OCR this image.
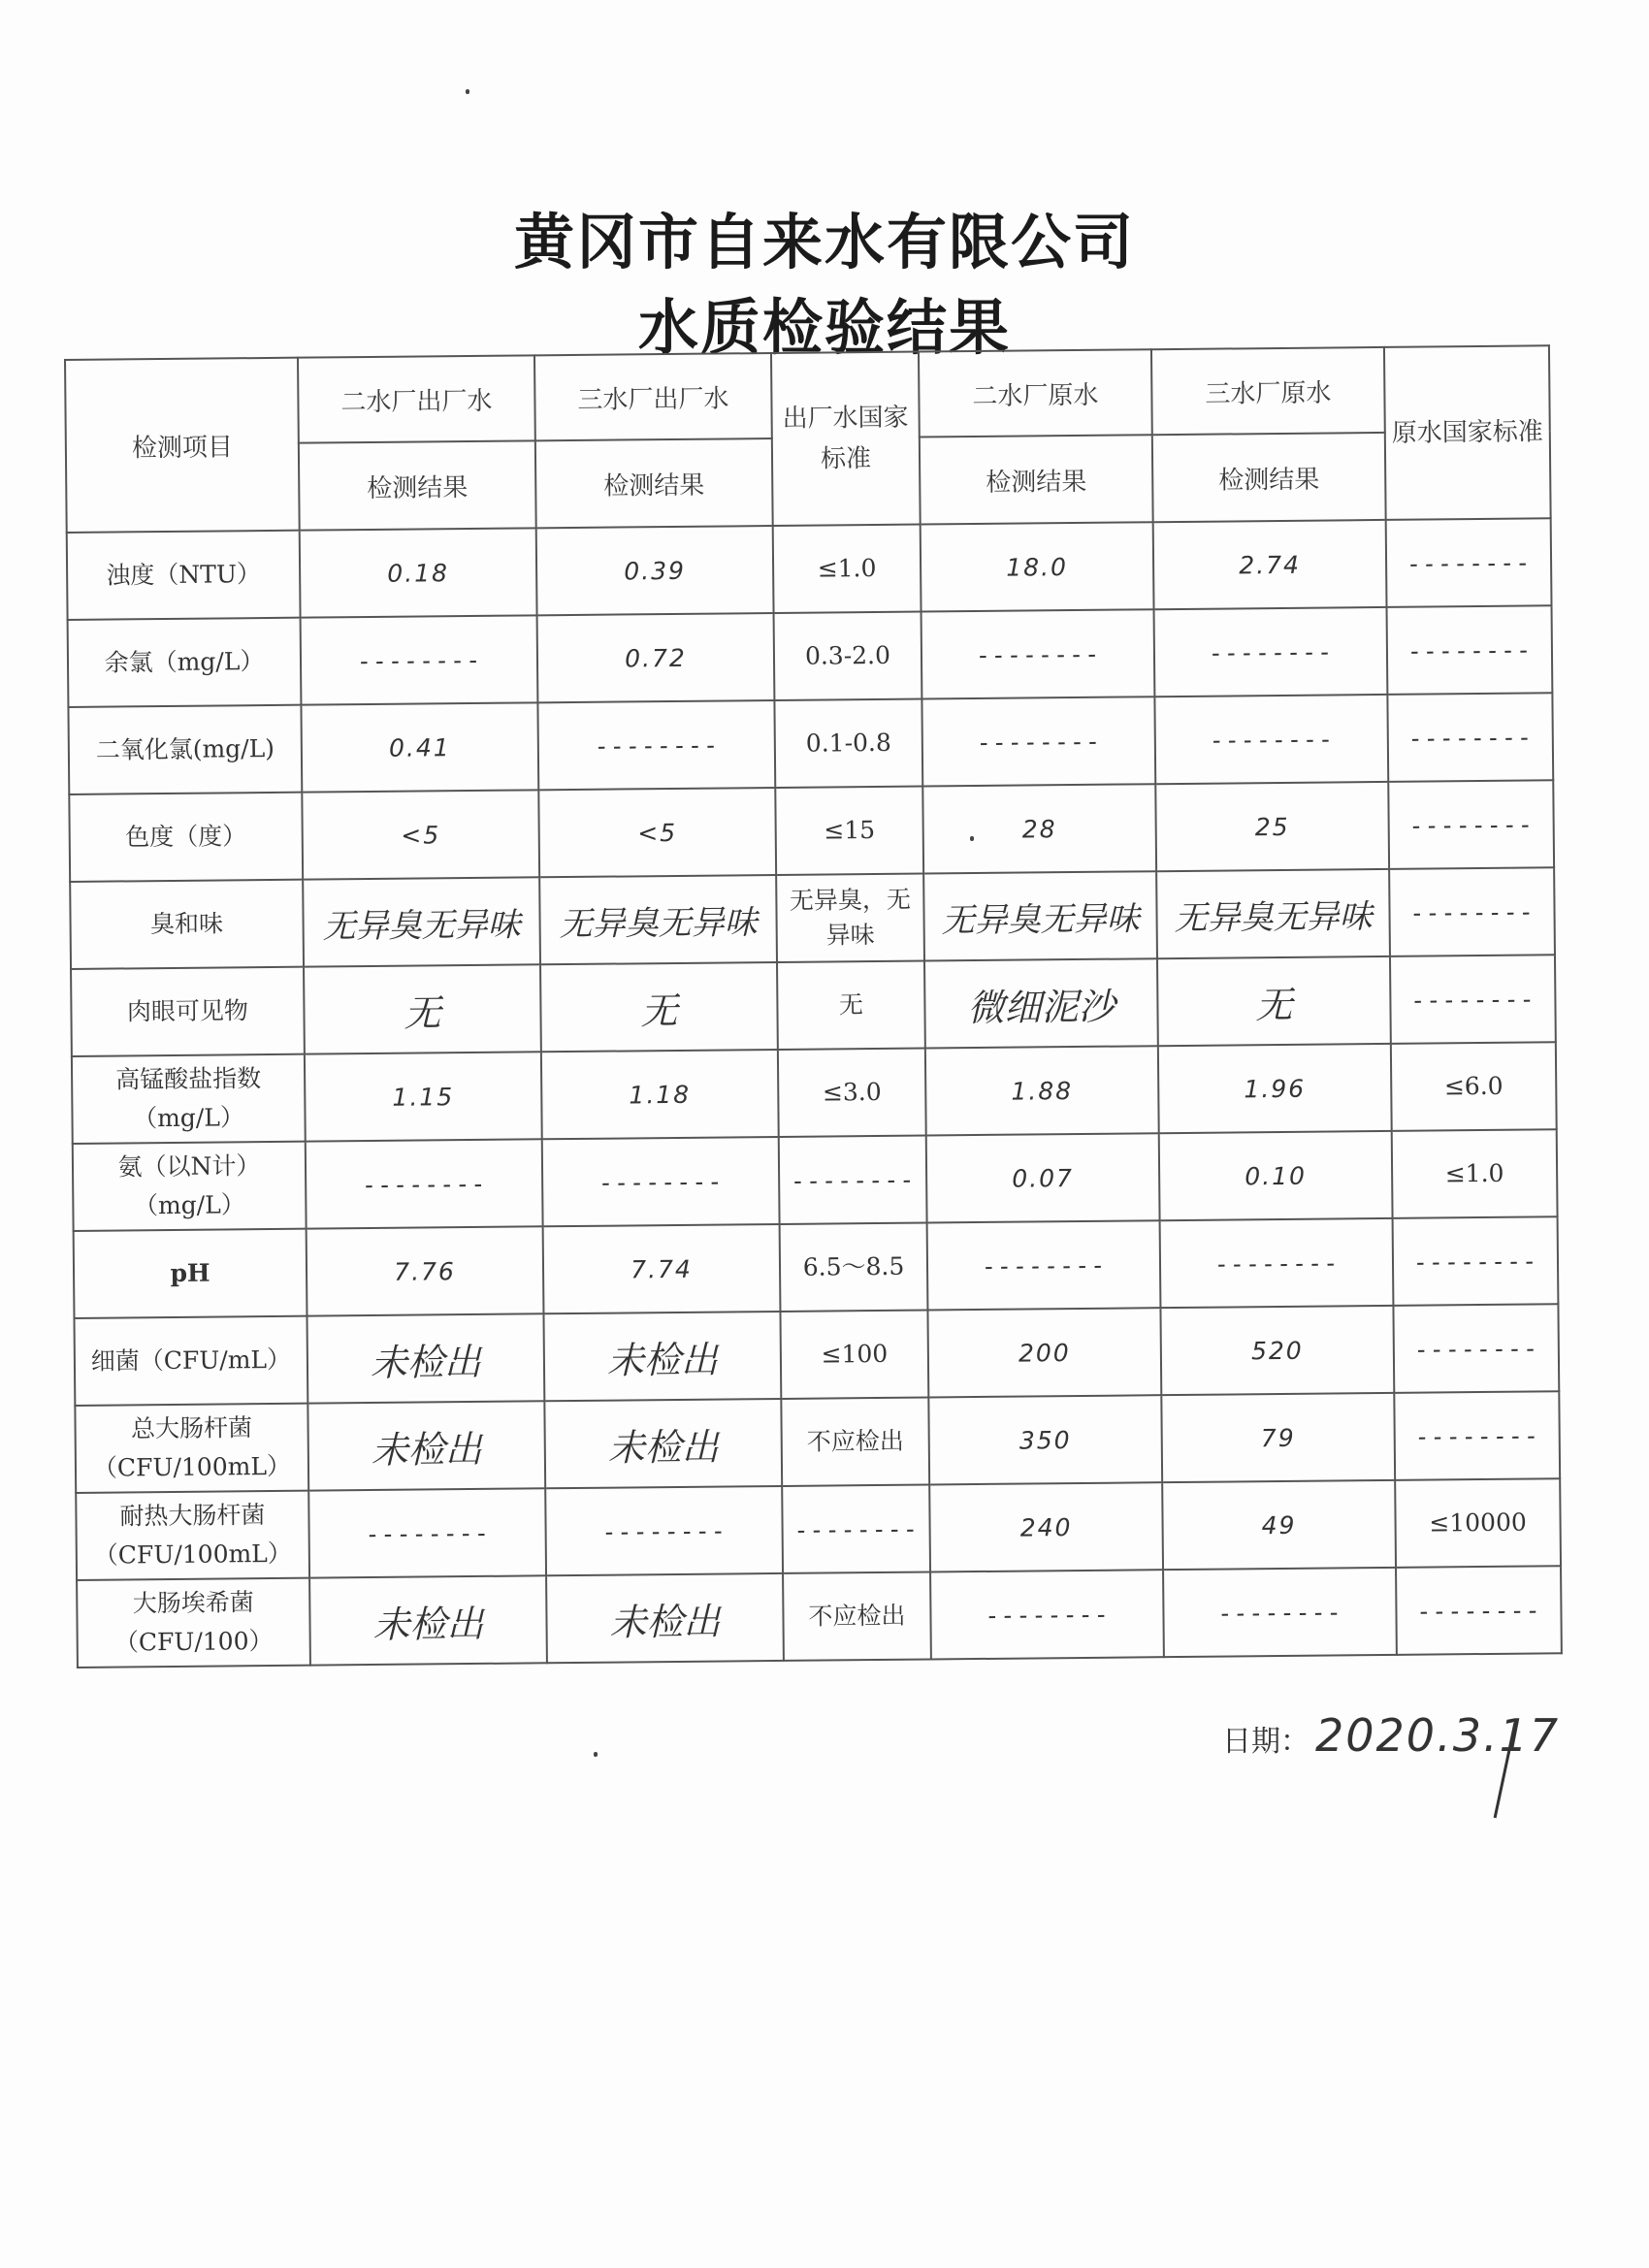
黄冈市自来水有限公司
水质检验结果
检测项目	二水厂出厂水	三水厂出厂水	出厂水国家标准	二水厂原水	三水厂原水	原水国家标准
	检测结果	检测结果		检测结果	检测结果	
浊度（NTU）	0.18	0.39	≤1.0	18.0	2.74	--------
余氯（mg/L）	--------	0.72	0.3-2.0	--------	--------	--------
二氧化氯(mg/L)	0.41	--------	0.1-0.8	--------	--------	--------
色度（度）	<5	<5	≤15	28	25	--------
臭和味	无异臭无异味	无异臭无异味	无异臭，无异味	无异臭无异味	无异臭无异味	--------
肉眼可见物	无	无	无	微细泥沙	无	--------
高锰酸盐指数（mg/L）	1.15	1.18	≤3.0	1.88	1.96	≤6.0
氨（以N计）（mg/L）	--------	--------	--------	0.07	0.10	≤1.0
pH	7.76	7.74	6.5～8.5	--------	--------	--------
细菌（CFU/mL）	未检出	未检出	≤100	200	520	--------
总大肠杆菌（CFU/100mL）	未检出	未检出	不应检出	350	79	--------
耐热大肠杆菌（CFU/100mL）	--------	--------	--------	240	49	≤10000
大肠埃希菌（CFU/100）	未检出	未检出	不应检出	--------	--------	--------
日期： 2020.3.17
